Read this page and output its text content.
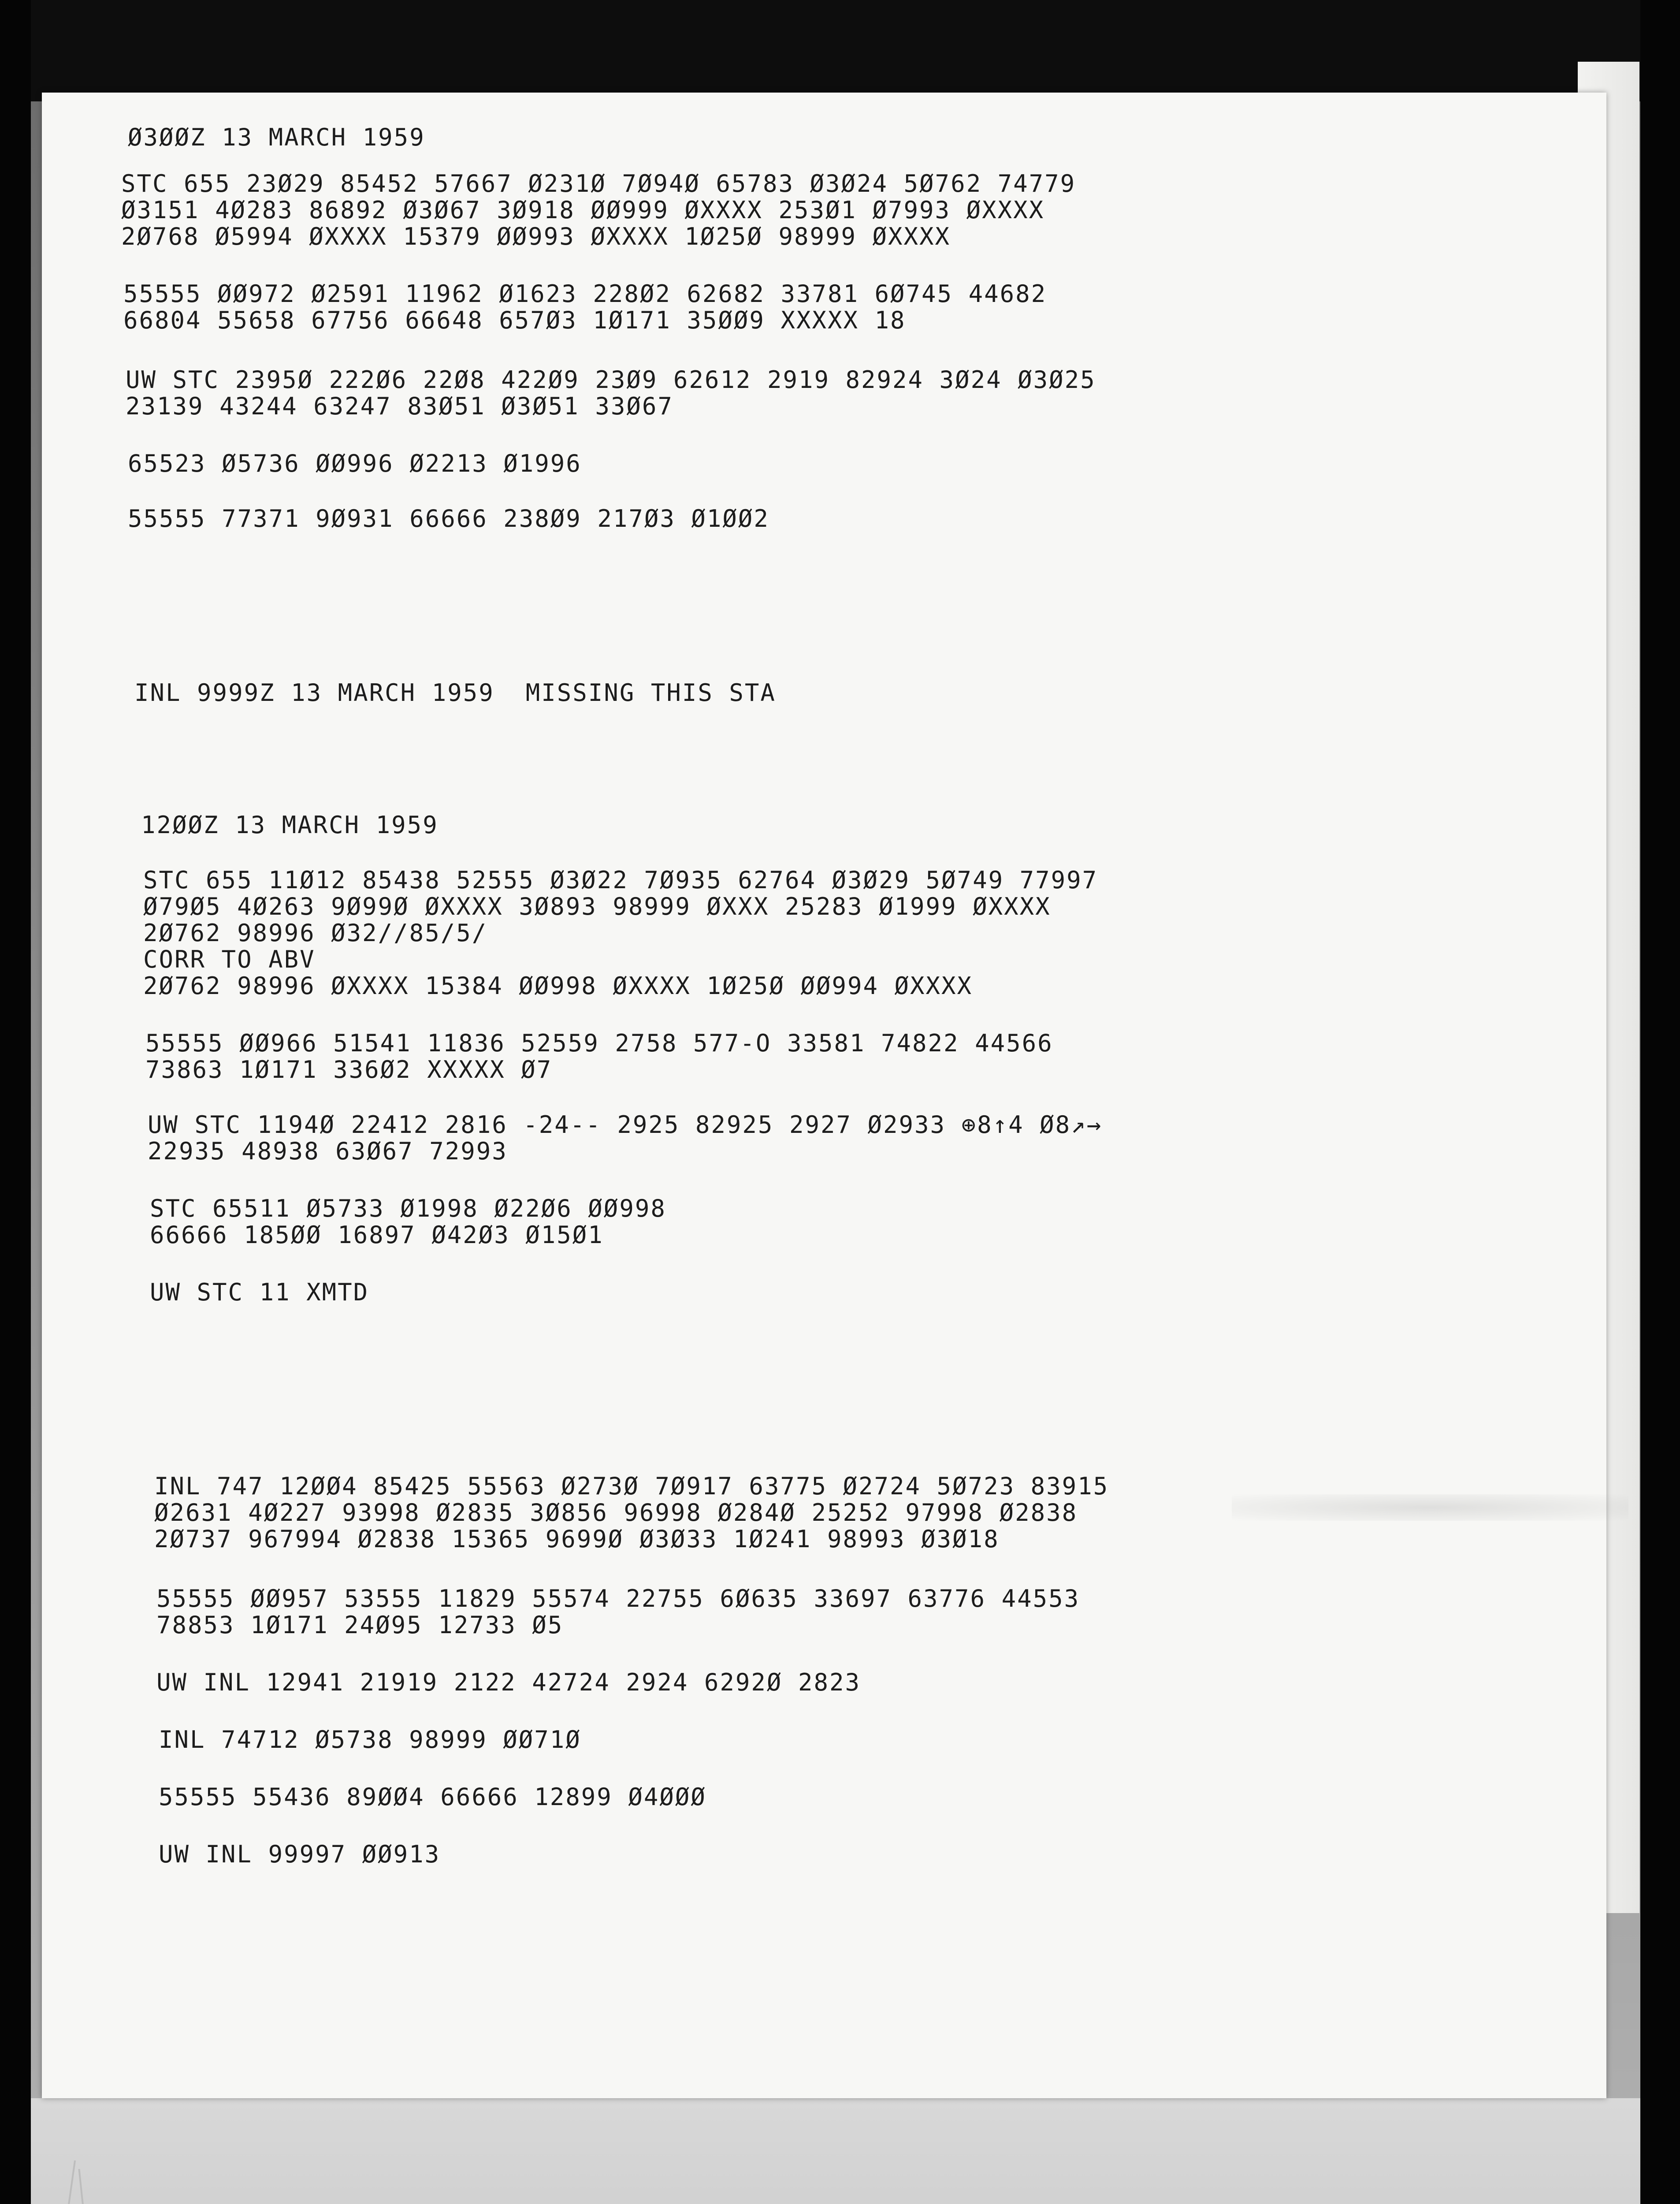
Ø3ØØZ 13 MARCH 1959
STC 655 23Ø29 85452 57667 Ø231Ø 7Ø94Ø 65783 Ø3Ø24 5Ø762 74779
Ø3151 4Ø283 86892 Ø3Ø67 3Ø918 ØØ999 ØXXXX 253Ø1 Ø7993 ØXXXX
2Ø768 Ø5994 ØXXXX 15379 ØØ993 ØXXXX 1Ø25Ø 98999 ØXXXX
55555 ØØ972 Ø2591 11962 Ø1623 228Ø2 62682 33781 6Ø745 44682
66804 55658 67756 66648 657Ø3 1Ø171 35ØØ9 XXXXX 18
UW STC 2395Ø 222Ø6 22Ø8 422Ø9 23Ø9 62612 2919 82924 3Ø24 Ø3Ø25
23139 43244 63247 83Ø51 Ø3Ø51 33Ø67
65523 Ø5736 ØØ996 Ø2213 Ø1996
55555 77371 9Ø931 66666 238Ø9 217Ø3 Ø1ØØ2
INL 9999Z 13 MARCH 1959  MISSING THIS STA
12ØØZ 13 MARCH 1959
STC 655 11Ø12 85438 52555 Ø3Ø22 7Ø935 62764 Ø3Ø29 5Ø749 77997
Ø79Ø5 4Ø263 9Ø99Ø ØXXXX 3Ø893 98999 ØXXX 25283 Ø1999 ØXXXX
2Ø762 98996 Ø32//85/5/
CORR TO ABV
2Ø762 98996 ØXXXX 15384 ØØ998 ØXXXX 1Ø25Ø ØØ994 ØXXXX
55555 ØØ966 51541 11836 52559 2758 577-O 33581 74822 44566
73863 1Ø171 336Ø2 XXXXX Ø7
UW STC 1194Ø 22412 2816 -24-- 2925 82925 2927 Ø2933 ⊕8↑4 Ø8↗→
22935 48938 63Ø67 72993
STC 65511 Ø5733 Ø1998 Ø22Ø6 ØØ998
66666 185ØØ 16897 Ø42Ø3 Ø15Ø1
UW STC 11 XMTD
INL 747 12ØØ4 85425 55563 Ø273Ø 7Ø917 63775 Ø2724 5Ø723 83915
Ø2631 4Ø227 93998 Ø2835 3Ø856 96998 Ø284Ø 25252 97998 Ø2838
2Ø737 967994 Ø2838 15365 9699Ø Ø3Ø33 1Ø241 98993 Ø3Ø18
55555 ØØ957 53555 11829 55574 22755 6Ø635 33697 63776 44553
78853 1Ø171 24Ø95 12733 Ø5
UW INL 12941 21919 2122 42724 2924 6292Ø 2823
INL 74712 Ø5738 98999 ØØ71Ø
55555 55436 89ØØ4 66666 12899 Ø4ØØØ
UW INL 99997 ØØ913
